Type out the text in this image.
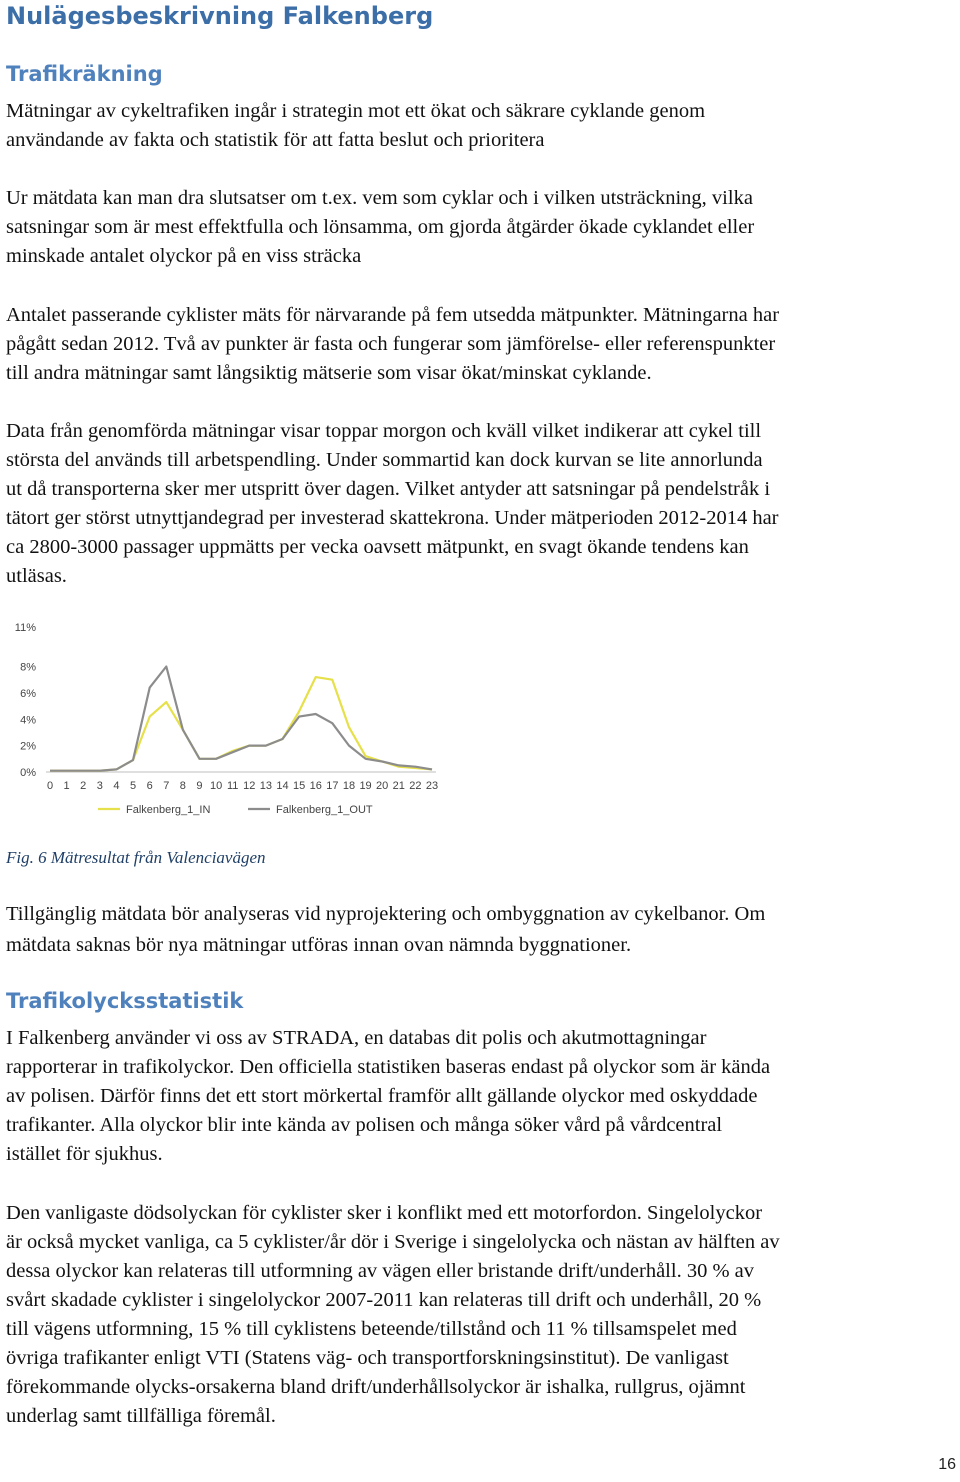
Nulägesbeskrivning Falkenberg
Trafikräkning

Mätningar av cykeltrafiken ingår i strategin mot ett ökat och säkrare cyklande genom
användande av fakta och statistik för att fatta beslut och prioritera

Ur mätdata kan man dra slutsatser om t.ex. vem som cyklar och i vilken utsträckning, vilka
satsningar som är mest effektfulla och lönsamma, om gjorda åtgärder ökade cyklandet eller
minskade antalet olyckor på en viss sträcka

Antalet passerande cyklister mäts för närvarande på fem utsedda mätpunkter. Mätningarna har
pågått sedan 2012. Två av punkter är fasta och fungerar som jämförelse- eller referenspunkter
till andra mätningar samt långsiktig mätserie som visar ökat/minskat cyklande.

Data från genomförda mätningar visar toppar morgon och kväll vilket indikerar att cykel till
största del används till arbetspendling. Under sommartid kan dock kurvan se lite annorlunda
ut då transporterna sker mer utspritt över dagen. Vilket antyder att satsningar på pendelstråk i
tätort ger störst utnyttjandegrad per investerad skattekrona. Under mätperioden 2012-2014 har
ca 2800-3000 passager uppmätts per vecka oavsett mätpunkt, en svagt ökande tendens kan
utläsas.

0%
2%
4%
6%
8%
11%
0 1 2 3 4 5 6 7 8 9 10 11 12 13 14 15 16 17 18 19 20 21 22 23
Falkenberg_1_IN	Falkenberg_1_OUT

Fig. 6 Mätresultat från Valenciavägen

Tillgänglig mätdata bör analyseras vid nyprojektering och ombyggnation av cykelbanor. Om
mätdata saknas bör nya mätningar utföras innan ovan nämnda byggnationer.

Trafikolycksstatistik

I Falkenberg använder vi oss av STRADA, en databas dit polis och akutmottagningar
rapporterar in trafikolyckor. Den officiella statistiken baseras endast på olyckor som är kända
av polisen. Därför finns det ett stort mörkertal framför allt gällande olyckor med oskyddade
trafikanter. Alla olyckor blir inte kända av polisen och många söker vård på vårdcentral
istället för sjukhus.

Den vanligaste dödsolyckan för cyklister sker i konflikt med ett motorfordon. Singelolyckor
är också mycket vanliga, ca 5 cyklister/år dör i Sverige i singelolycka och nästan av hälften av
dessa olyckor kan relateras till utformning av vägen eller bristande drift/underhåll. 30 % av
svårt skadade cyklister i singelolyckor 2007-2011 kan relateras till drift och underhåll, 20 %
till vägens utformning, 15 % till cyklistens beteende/tillstånd och 11 % tillsamspelet med
övriga trafikanter enligt VTI (Statens väg- och transportforskningsinstitut). De vanligast
förekommande olycks-orsakerna bland drift/underhållsolyckor är ishalka, rullgrus, ojämnt
underlag samt tillfälliga föremål.

16
